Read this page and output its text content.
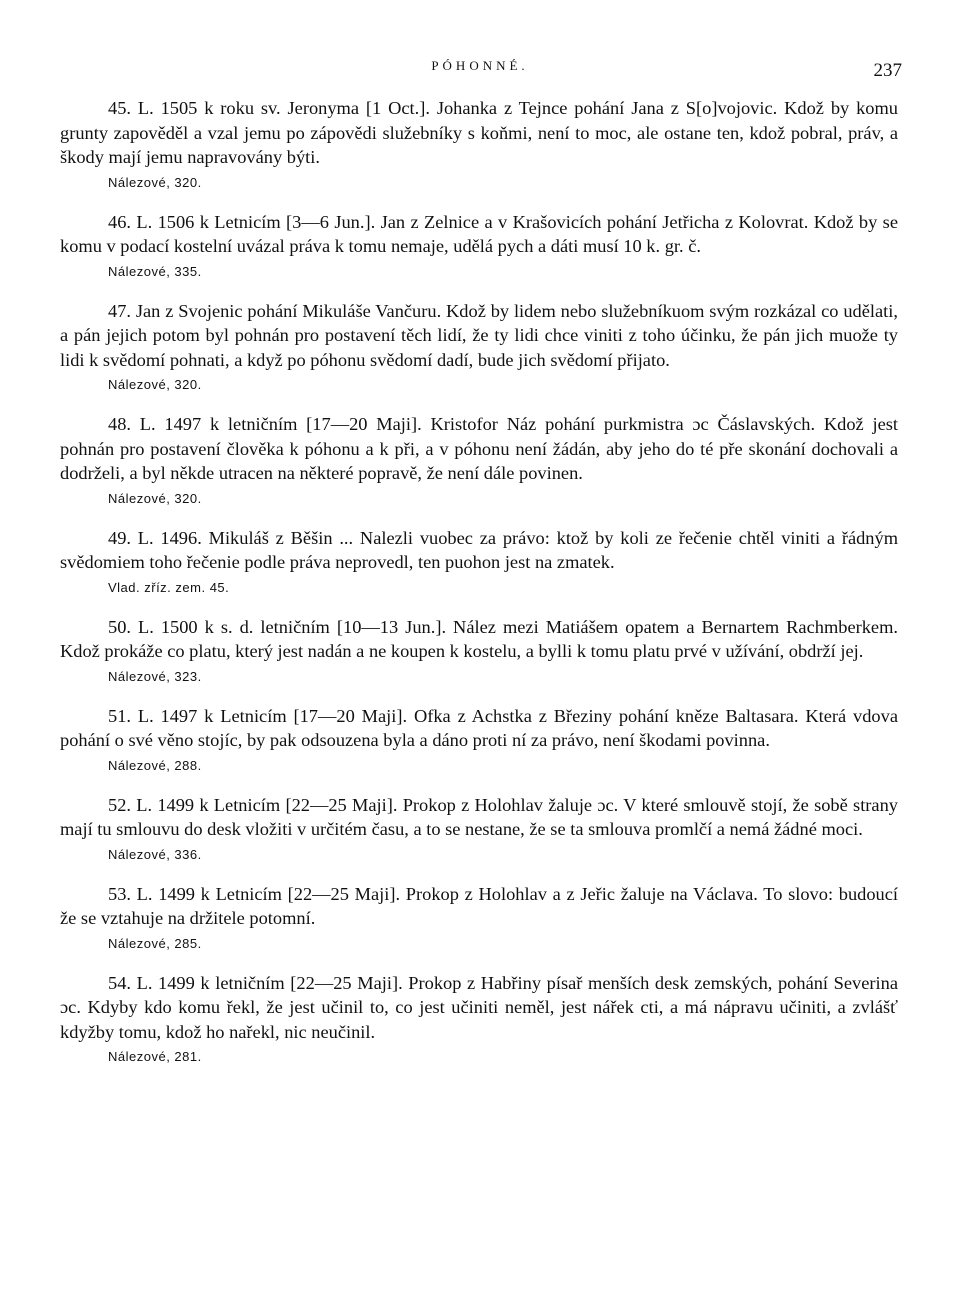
PÓHONNÉ.	237

45. L. 1505 k roku sv. Jeronyma [1 Oct.]. Johanka z Tejnce pohání Jana z S[o]vojovic. Kdož by komu grunty zapověděl a vzal jemu po zápovědi služebníky s koňmi, není to moc, ale ostane ten, kdož pobral, práv, a škody mají jemu napravovány býti.

Nálezové, 320.

46. L. 1506 k Letnicím [3—6 Jun.]. Jan z Zelnice a v Krašovicích pohání Jetřicha z Kolovrat. Kdož by se komu v podací kostelní uvázal práva k tomu nemaje, udělá pych a dáti musí 10 k. gr. č.

Nálezové, 335.

47. Jan z Svojenic pohání Mikuláše Vančuru. Kdož by lidem nebo služebníkuom svým rozkázal co udělati, a pán jejich potom byl pohnán pro postavení těch lidí, že ty lidi chce viniti z toho účinku, že pán jich muože ty lidi k svědomí pohnati, a když po póhonu svědomí dadí, bude jich svědomí přijato.

Nálezové, 320.

48. L. 1497 k letničním [17—20 Maji]. Kristofor Náz pohání purkmistra ɔc Čáslavských. Kdož jest pohnán pro postavení člověka k póhonu a k při, a v póhonu není žádán, aby jeho do té pře skonání dochovali a dodrželi, a byl někde utracen na některé popravě, že není dále povinen.

Nálezové, 320.

49. L. 1496. Mikuláš z Běšin ... Nalezli vuobec za právo: ktož by koli ze řečenie chtěl viniti a řádným svědomiem toho řečenie podle práva neprovedl, ten puohon jest na zmatek.

Vlad. zříz. zem. 45.

50. L. 1500 k s. d. letničním [10—13 Jun.]. Nález mezi Matiášem opatem a Bernartem Rachmberkem. Kdož prokáže co platu, který jest nadán a ne koupen k kostelu, a bylli k tomu platu prvé v užívání, obdrží jej.

Nálezové, 323.

51. L. 1497 k Letnicím [17—20 Maji]. Ofka z Achstka z Březiny pohání kněze Baltasara. Která vdova pohání o své věno stojíc, by pak odsouzena byla a dáno proti ní za právo, není škodami povinna.

Nálezové, 288.

52. L. 1499 k Letnicím [22—25 Maji]. Prokop z Holohlav žaluje ɔc. V které smlouvě stojí, že sobě strany mají tu smlouvu do desk vložiti v určitém času, a to se nestane, že se ta smlouva promlčí a nemá žádné moci.

Nálezové, 336.

53. L. 1499 k Letnicím [22—25 Maji]. Prokop z Holohlav a z Jeřic žaluje na Václava. To slovo: budoucí že se vztahuje na držitele potomní.

Nálezové, 285.

54. L. 1499 k letničním [22—25 Maji]. Prokop z Habřiny písař menších desk zemských, pohání Severina ɔc. Kdyby kdo komu řekl, že jest učinil to, co jest učiniti neměl, jest nářek cti, a má nápravu učiniti, a zvlášť kdyžby tomu, kdož ho nařekl, nic neučinil.

Nálezové, 281.
